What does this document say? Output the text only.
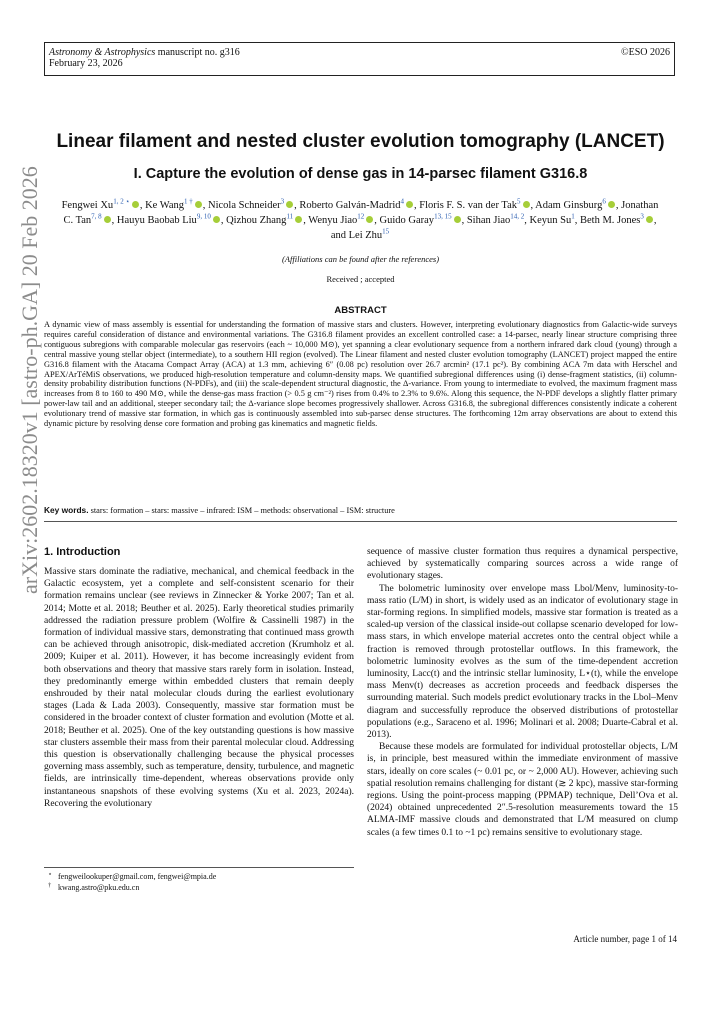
Astronomy & Astrophysics manuscript no. g316
February 23, 2026
©ESO 2026
arXiv:2602.18320v1 [astro-ph.GA] 20 Feb 2026
Linear filament and nested cluster evolution tomography (LANCET)
I. Capture the evolution of dense gas in 14-parsec filament G316.8
Fengwei $Xu^{1, 2 ⋆}$ , Ke Wang$^{1 \dagger}$ , Nicola Schneider$^3$ , Roberto Galván-Madrid$^4$ , Floris F. S. van der Tak$^5$ , Adam Ginsburg$^6$ , Jonathan C. Tan$^{7, 8}$ , Hauyu Baobab Liu$^{9, 10}$ , Qizhou Zhang$^{11}$ , Wenyu Jiao$^{12}$ , Guido Garay$^{13, 15}$ , Sihan Jiao$^{14, 2}$, Keyun Su$^1$, Beth M. Jones$^3$ , and Lei Zhu$^{15}$
(Affiliations can be found after the references)
Received ; accepted
ABSTRACT
A dynamic view of mass assembly is essential for understanding the formation of massive stars and clusters. However, interpreting evolutionary diagnostics from Galactic-wide surveys requires careful consideration of distance and environmental variations. The G316.8 filament provides an excellent controlled case: a 14-parsec, nearly linear structure comprising three contiguous subregions with comparable molecular gas reservoirs (each ~ 10,000 M⊙), yet spanning a clear evolutionary sequence from a northern infrared dark cloud (young) through a central massive young stellar object (intermediate), to a southern HII region (evolved). The Linear filament and nested cluster evolution tomography (LANCET) project mapped the entire G316.8 filament with the Atacama Compact Array (ACA) at 1.3 mm, achieving 6″ (0.08 pc) resolution over 26.7 arcmin² (17.1 pc²). By combining ACA 7m data with Herschel and APEX/ArTéMiS observations, we produced high-resolution temperature and column-density maps. We quantified subregional differences using (i) dense-fragment statistics, (ii) column-density probability distribution functions (N-PDFs), and (iii) the scale-dependent structural diagnostic, the Δ-variance. From young to intermediate to evolved, the maximum fragment mass increases from 8 to 160 to 490 M⊙, while the dense-gas mass fraction (> 0.5 g cm⁻²) rises from 0.4% to 2.3% to 9.6%. Along this sequence, the N-PDF develops a slightly flatter primary power-law tail and an additional, steeper secondary tail; the Δ-variance slope becomes progressively shallower. Across G316.8, the subregional differences consistently indicate a coherent evolutionary trend of massive star formation, in which gas is continuously assembled into sub-parsec dense structures. The forthcoming 12m array observations are about to extend this dynamic picture by resolving dense core formation and probing gas kinematics and magnetic fields.
Key words. stars: formation – stars: massive – infrared: ISM – methods: observational – ISM: structure
1. Introduction

Massive stars dominate the radiative, mechanical, and chemical feedback in the Galactic ecosystem, yet a complete and self-consistent scenario for their formation remains unclear (see reviews in Zinnecker & Yorke 2007; Tan et al. 2014; Motte et al. 2018; Beuther et al. 2025). Early theoretical studies primarily addressed the radiation pressure problem (Wolfire & Cassinelli 1987) in the formation of individual massive stars, demonstrating that continued mass growth can be achieved through anisotropic, disk-mediated accretion (Krumholz et al. 2009; Kuiper et al. 2011). However, it has become increasingly evident from both observations and theory that massive stars rarely form in isolation. Instead, they predominantly emerge within embedded clusters that remain deeply enshrouded by their natal molecular clouds during the earliest evolutionary stages (Lada & Lada 2003). Consequently, massive star formation must be considered in the broader context of cluster formation and evolution (Motte et al. 2018; Beuther et al. 2025). One of the key outstanding questions is how massive star clusters assemble their mass from their parental molecular cloud. Addressing this question is observationally challenging because the physical processes governing mass assembly, such as temperature, density, turbulence, and magnetic fields, are intrinsically time-dependent, whereas observations provide only instantaneous snapshots of these evolving systems (Xu et al. 2023, 2024a). Recovering the evolutionary

sequence of massive cluster formation thus requires a dynamical perspective, achieved by systematically comparing sources across a wide range of evolutionary stages.

The bolometric luminosity over envelope mass Lbol/Menv, luminosity-to-mass ratio (L/M) in short, is widely used as an indicator of evolutionary stage in star-forming regions. In simplified models, massive star formation is treated as a scaled-up version of the classical inside-out collapse scenario developed for low-mass stars, in which envelope material accretes onto the central object while a fraction is removed through protostellar outflows. In this framework, the bolometric luminosity evolves as the sum of the time-dependent accretion luminosity, Lacc(t) and the intrinsic stellar luminosity, L⋆(t), while the envelope mass Menv(t) decreases as accretion proceeds and feedback disperses the surrounding material. Such models predict evolutionary tracks in the Lbol–Menv diagram and successfully reproduce the observed distributions of protostellar populations (e.g., Saraceno et al. 1996; Molinari et al. 2008; Duarte-Cabral et al. 2013).

Because these models are formulated for individual protostellar objects, L/M is, in principle, best measured within the immediate environment of massive stars, ideally on core scales (~ 0.01 pc, or ~ 2,000 AU). However, achieving such spatial resolution remains challenging for distant (≳ 2 kpc), massive star-forming regions. Using the point-process mapping (PPMAP) technique, Dell’Ova et al. (2024) obtained unprecedented 2″.5-resolution measurements toward the 15 ALMA-IMF massive clouds and demonstrated that L/M measured on clump scales (a few times 0.1 to ~1 pc) remains sensitive to evolutionary stage.

⋆ fengweilookuper@gmail.com, fengwei@mpia.de
† kwang.astro@pku.edu.cn
Article number, page 1 of 14
